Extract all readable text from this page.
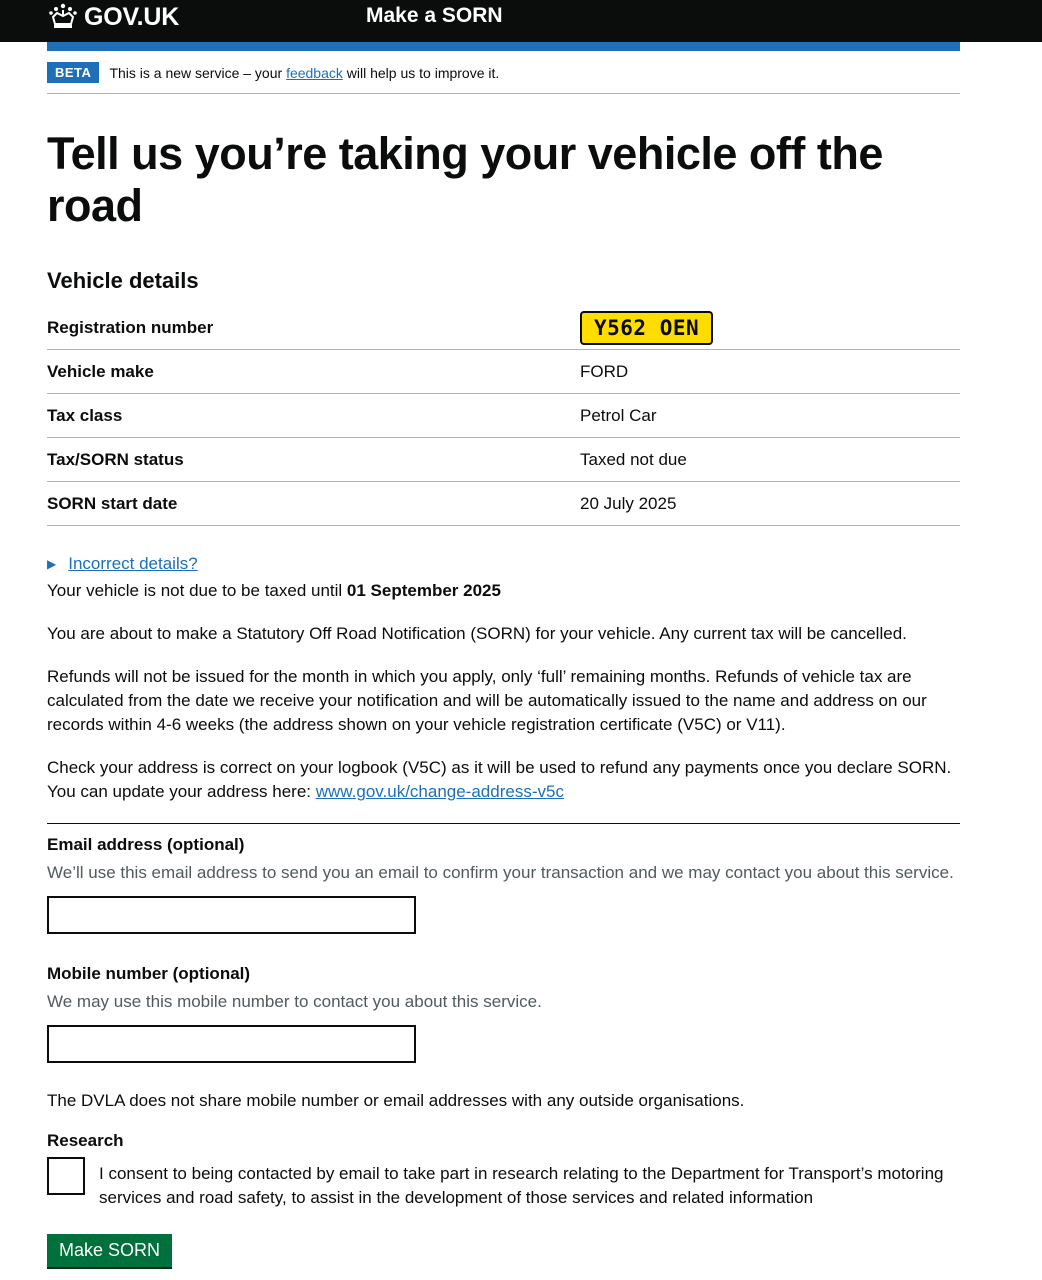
GOV.UK	Make a SORN
BETA	This is a new service – your feedback will help us to improve it.
Tell us you’re taking your vehicle off the road
Vehicle details
Registration number	Y562 OEN
Vehicle make	FORD
Tax class	Petrol Car
Tax/SORN status	Taxed not due
SORN start date	20 July 2025
▶ Incorrect details?

Your vehicle is not due to be taxed until 01 September 2025

You are about to make a Statutory Off Road Notification (SORN) for your vehicle. Any current tax will be cancelled.

Refunds will not be issued for the month in which you apply, only ‘full’ remaining months. Refunds of vehicle tax are calculated from the date we receive your notification and will be automatically issued to the name and address on our records within 4-6 weeks (the address shown on your vehicle registration certificate (V5C) or V11).

Check your address is correct on your logbook (V5C) as it will be used to refund any payments once you declare SORN. You can update your address here: www.gov.uk/change-address-v5c

Email address (optional)
We’ll use this email address to send you an email to confirm your transaction and we may contact you about this service.
Mobile number (optional)
We may use this mobile number to contact you about this service.

The DVLA does not share mobile number or email addresses with any outside organisations.

Research
I consent to being contacted by email to take part in research relating to the Department for Transport’s motoring services and road safety, to assist in the development of those services and related information
Make SORN
